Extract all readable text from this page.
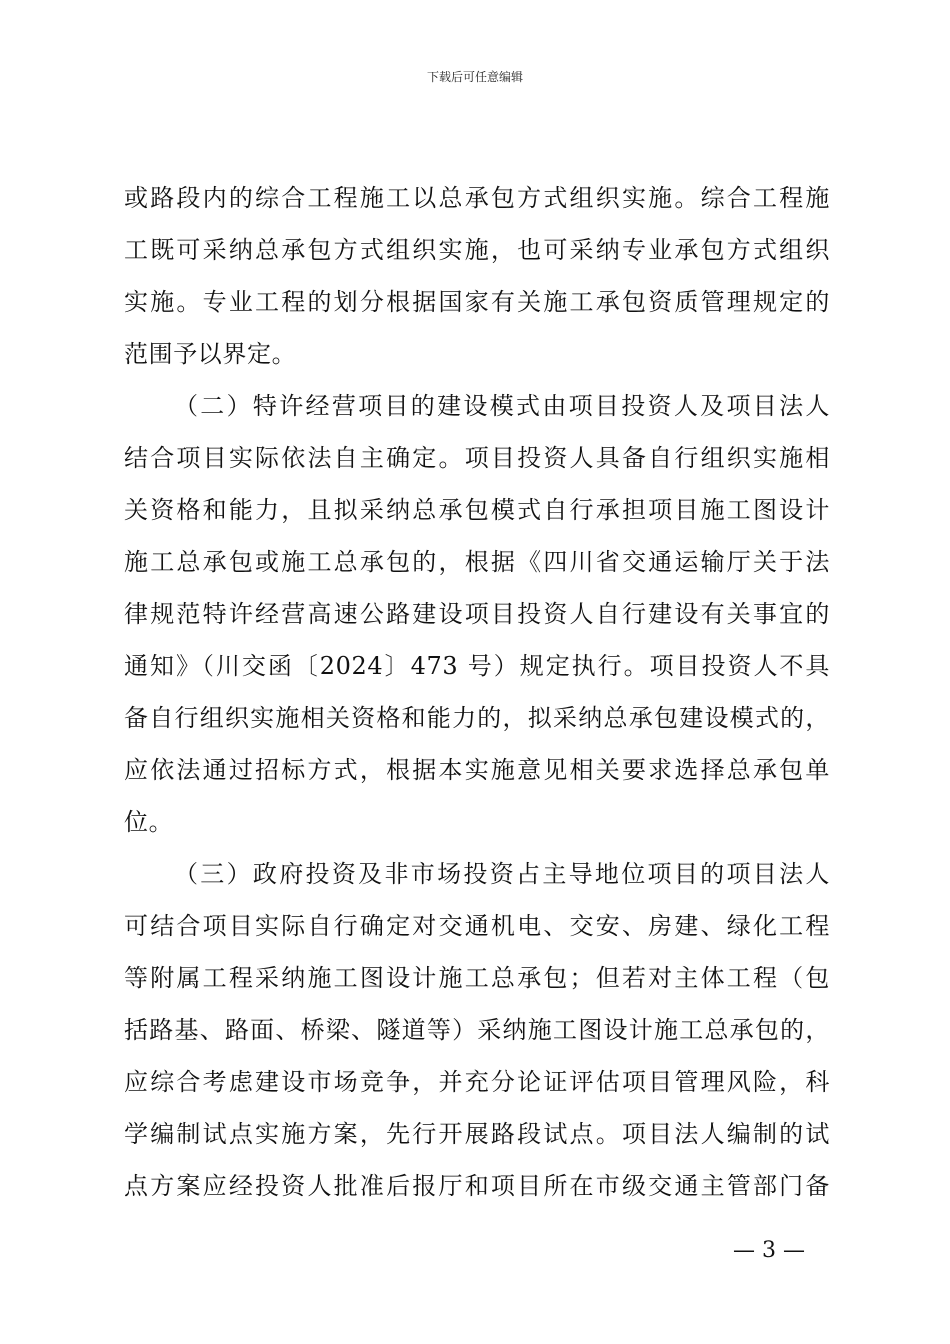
下载后可任意编辑
或路段内的综合工程施工以总承包方式组织实施。综合工程施
工既可采纳总承包方式组织实施，也可采纳专业承包方式组织
实施。专业工程的划分根据国家有关施工承包资质管理规定的
范围予以界定。
（二）特许经营项目的建设模式由项目投资人及项目法人
结合项目实际依法自主确定。项目投资人具备自行组织实施相
关资格和能力，且拟采纳总承包模式自行承担项目施工图设计
施工总承包或施工总承包的，根据《四川省交通运输厅关于法
律规范特许经营高速公路建设项目投资人自行建设有关事宜的
通知》（川交函〔2024〕473 号）规定执行。项目投资人不具
备自行组织实施相关资格和能力的，拟采纳总承包建设模式的，
应依法通过招标方式，根据本实施意见相关要求选择总承包单
位。
（三）政府投资及非市场投资占主导地位项目的项目法人
可结合项目实际自行确定对交通机电、交安、房建、绿化工程
等附属工程采纳施工图设计施工总承包；但若对主体工程（包
括路基、路面、桥梁、隧道等）采纳施工图设计施工总承包的，
应综合考虑建设市场竞争，并充分论证评估项目管理风险，科
学编制试点实施方案，先行开展路段试点。项目法人编制的试
点方案应经投资人批准后报厅和项目所在市级交通主管部门备
— 3 —
